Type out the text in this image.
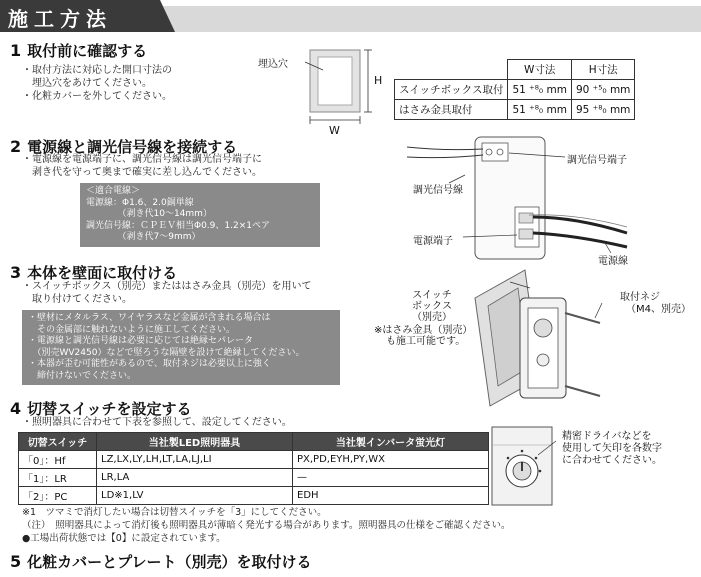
施工方法
1 取付前に確認する
・取付方法に対応した開口寸法の
　埋込穴をあけてください。
・化粧カバーを外してください。
埋込穴
H
W
	W寸法	H寸法
スイッチボックス取付	51 ⁺⁸₀ mm	90 ⁺⁵₀ mm
はさみ金具取付	51 ⁺⁸₀ mm	95 ⁺⁸₀ mm
2 電源線と調光信号線を接続する
・電源線を電源端子に、調光信号線は調光信号端子に
　剥き代を守って奥まで確実に差し込んでください。
＜適合電線＞
電源線：Φ1.6、2.0銅単線
　　　　（剥き代10〜14mm）
調光信号線：ＣＰＥＶ相当Φ0.9、1.2×1ペア
　　　　（剥き代7〜9mm）
調光信号端子
調光信号線
電源端子
電源線
3 本体を壁面に取付ける
・スイッチボックス（別売）またははさみ金具（別売）を用いて
　取り付けてください。
・壁材にメタルラス、ワイヤラスなど金属が含まれる場合は
　その金属部に触れないように施工してください。
・電源線と調光信号線は必要に応じては絶縁セパレータ
　（別売WV2450）などで堅ろうな隔壁を設けて絶縁してください。
・本器が歪む可能性があるので、取付ネジは必要以上に強く
　締付けないでください。
スイッチ
ボックス
（別売）
※はさみ金具（別売）
も施工可能です。
取付ネジ
（M4、別売）
4 切替スイッチを設定する
・照明器具に合わせて下表を参照して、設定してください。
切替スイッチ	当社製LED照明器具	当社製インバータ蛍光灯
「0」：Hf	LZ,LX,LY,LH,LT,LA,LJ,LI	PX,PD,EYH,PY,WX
「1」：LR	LR,LA	—
「2」：PC	LD※1,LV	EDH
精密ドライバなどを
使用して矢印を各数字
に合わせてください。
※1　ツマミで消灯したい場合は切替スイッチを「3」にしてください。
（注）　照明器具によって消灯後も照明器具が薄暗く発光する場合があります。照明器具の仕様をご確認ください。
●工場出荷状態では【0】に設定されています。
5 化粧カバーとプレート（別売）を取付ける
